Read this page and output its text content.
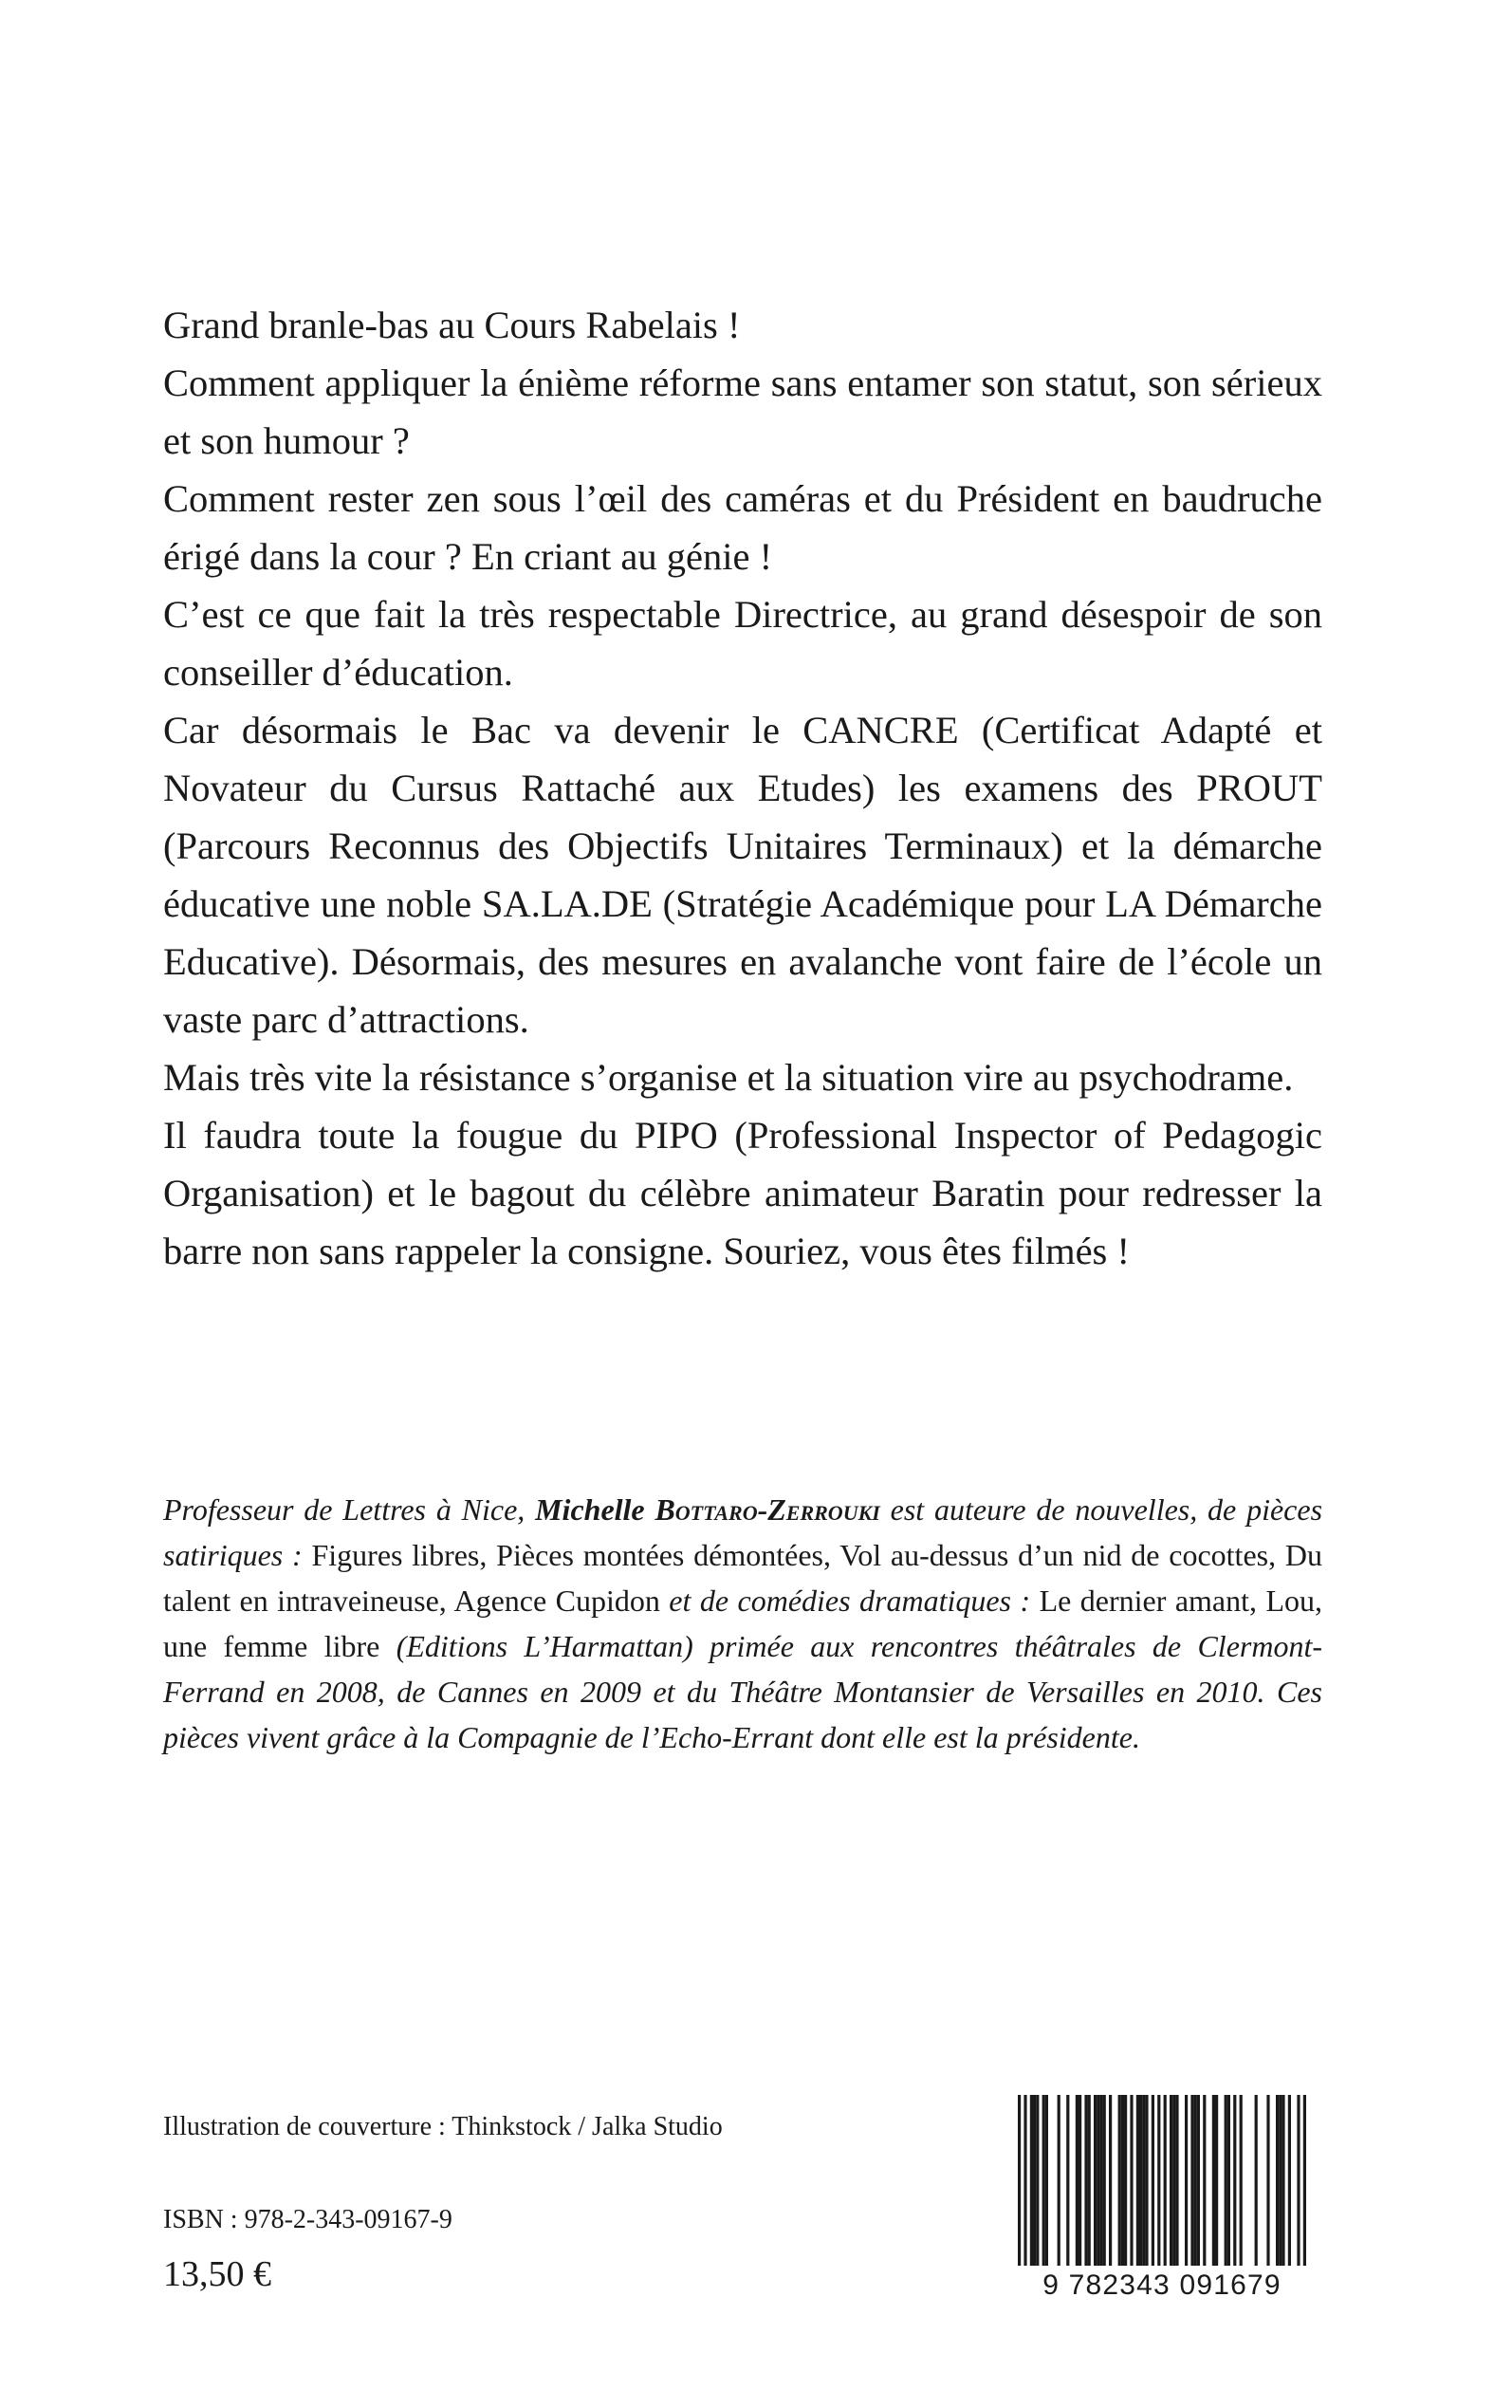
Grand branle-bas au Cours Rabelais !

Comment appliquer la énième réforme sans entamer son statut, son sérieux et son humour ?

Comment rester zen sous l’œil des caméras et du Président en baudruche érigé dans la cour ? En criant au génie !

C’est ce que fait la très respectable Directrice, au grand désespoir de son conseiller d’éducation.

Car désormais le Bac va devenir le CANCRE (Certificat Adapté et Novateur du Cursus Rattaché aux Etudes) les examens des PROUT (Parcours Reconnus des Objectifs Unitaires Terminaux) et la démarche éducative une noble SA.LA.DE (Stratégie Académique pour LA Démarche Educative). Désormais, des mesures en avalanche vont faire de l’école un vaste parc d’attractions.

Mais très vite la résistance s’organise et la situation vire au psychodrame.

Il faudra toute la fougue du PIPO (Professional Inspector of Pedagogic Organisation) et le bagout du célèbre animateur Baratin pour redresser la barre non sans rappeler la consigne. Souriez, vous êtes filmés !

Professeur de Lettres à Nice, Michelle Bottaro-Zerrouki est auteure de nouvelles, de pièces satiriques : Figures libres, Pièces montées démontées, Vol au-dessus d’un nid de cocottes, Du talent en intraveineuse, Agence Cupidon et de comédies dramatiques : Le dernier amant, Lou, une femme libre (Editions L’Harmattan) primée aux rencontres théâtrales de Clermont-Ferrand en 2008, de Cannes en 2009 et du Théâtre Montansier de Versailles en 2010. Ces pièces vivent grâce à la Compagnie de l’Echo-Errant dont elle est la présidente.

Illustration de couverture : Thinkstock / Jalka Studio
ISBN : 978-2-343-09167-9
13,50 €	9 782343 091679
